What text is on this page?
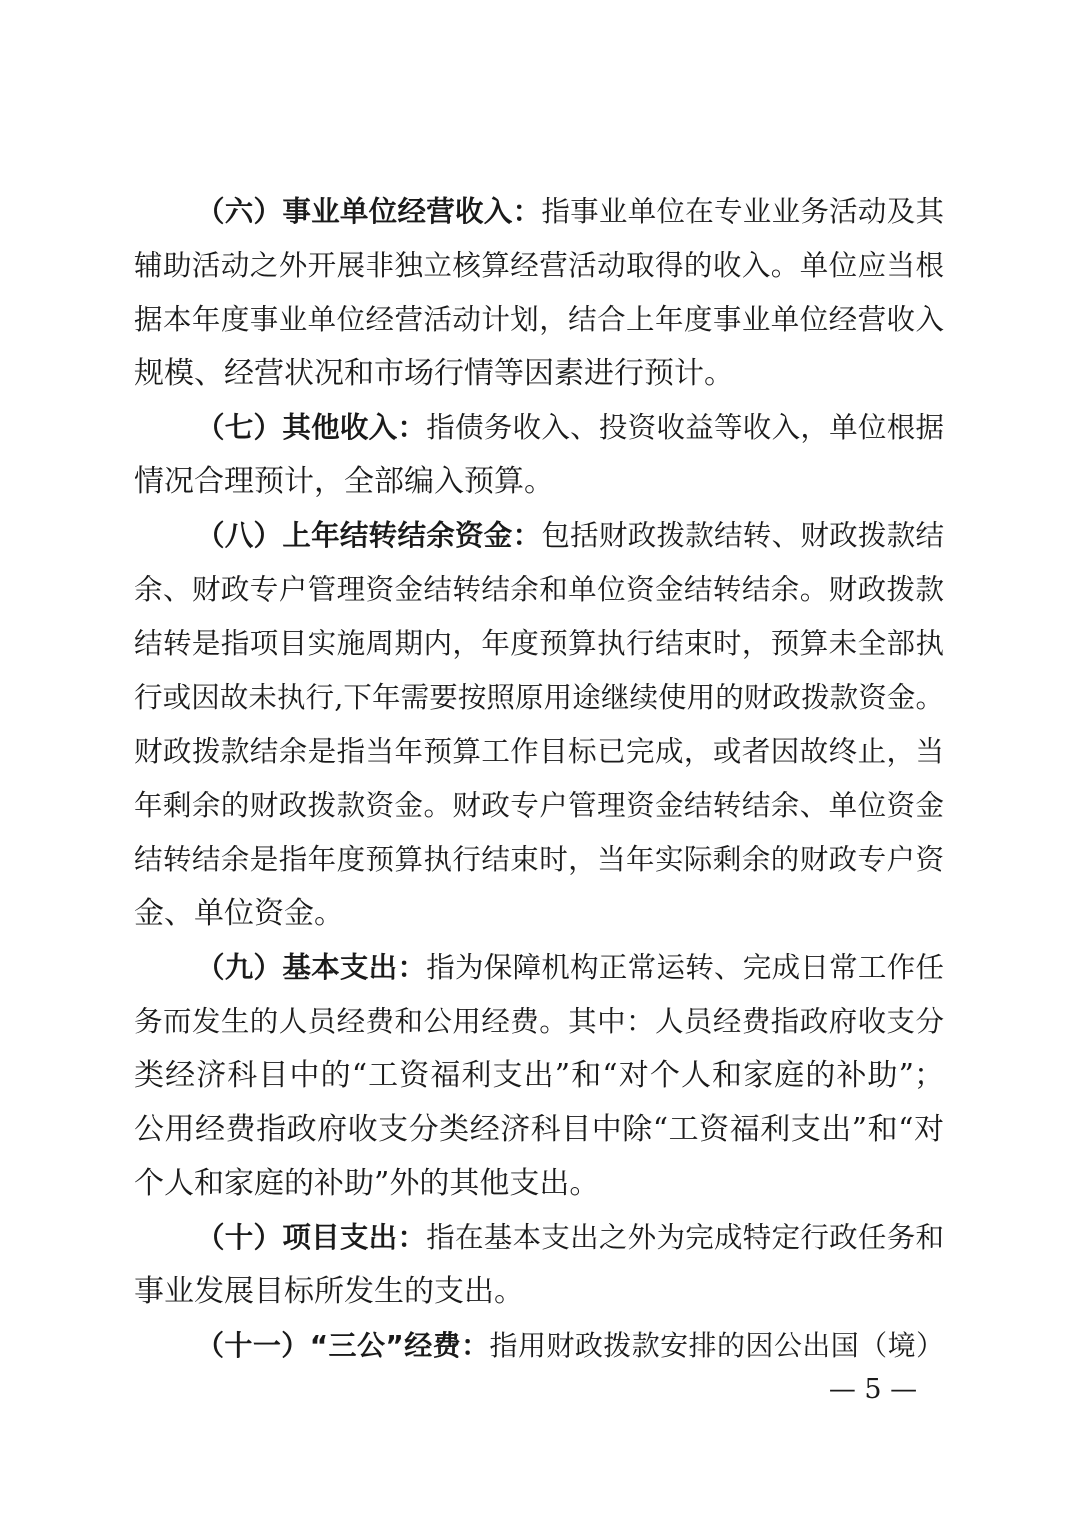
（六）事业单位经营收入：指事业单位在专业业务活动及其
辅助活动之外开展非独立核算经营活动取得的收入。单位应当根
据本年度事业单位经营活动计划，结合上年度事业单位经营收入
规模、经营状况和市场行情等因素进行预计。
（七）其他收入：指债务收入、投资收益等收入，单位根据
情况合理预计，全部编入预算。
（八）上年结转结余资金：包括财政拨款结转、财政拨款结
余、财政专户管理资金结转结余和单位资金结转结余。财政拨款
结转是指项目实施周期内，年度预算执行结束时，预算未全部执
行或因故未执行,下年需要按照原用途继续使用的财政拨款资金。
财政拨款结余是指当年预算工作目标已完成，或者因故终止，当
年剩余的财政拨款资金。财政专户管理资金结转结余、单位资金
结转结余是指年度预算执行结束时，当年实际剩余的财政专户资
金、单位资金。
（九）基本支出：指为保障机构正常运转、完成日常工作任
务而发生的人员经费和公用经费。其中：人员经费指政府收支分
类经济科目中的“工资福利支出”和“对个人和家庭的补助”；
公用经费指政府收支分类经济科目中除“工资福利支出”和“对
个人和家庭的补助”外的其他支出。
（十）项目支出：指在基本支出之外为完成特定行政任务和
事业发展目标所发生的支出。
（十一）“三公”经费：指用财政拨款安排的因公出国（境）
— 5 —
